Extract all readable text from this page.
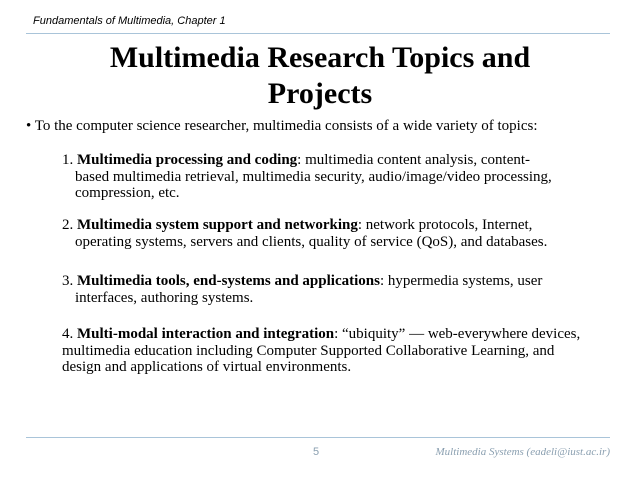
Fundamentals of Multimedia, Chapter 1
Multimedia Research Topics and
Projects

• To the computer science researcher, multimedia consists of a wide variety of topics:

1. Multimedia processing and coding: multimedia content analysis, content-
based multimedia retrieval, multimedia security, audio/image/video processing, compression, etc.

2. Multimedia system support and networking: network protocols, Internet,
operating systems, servers and clients, quality of service (QoS), and databases.

3. Multimedia tools, end-systems and applications: hypermedia systems, user
interfaces, authoring systems.

4. Multi-modal interaction and integration: “ubiquity” — web-everywhere devices, multimedia education including Computer Supported Collaborative Learning, and design and applications of virtual environments.

5	Multimedia Systems (eadeli@iust.ac.ir)
